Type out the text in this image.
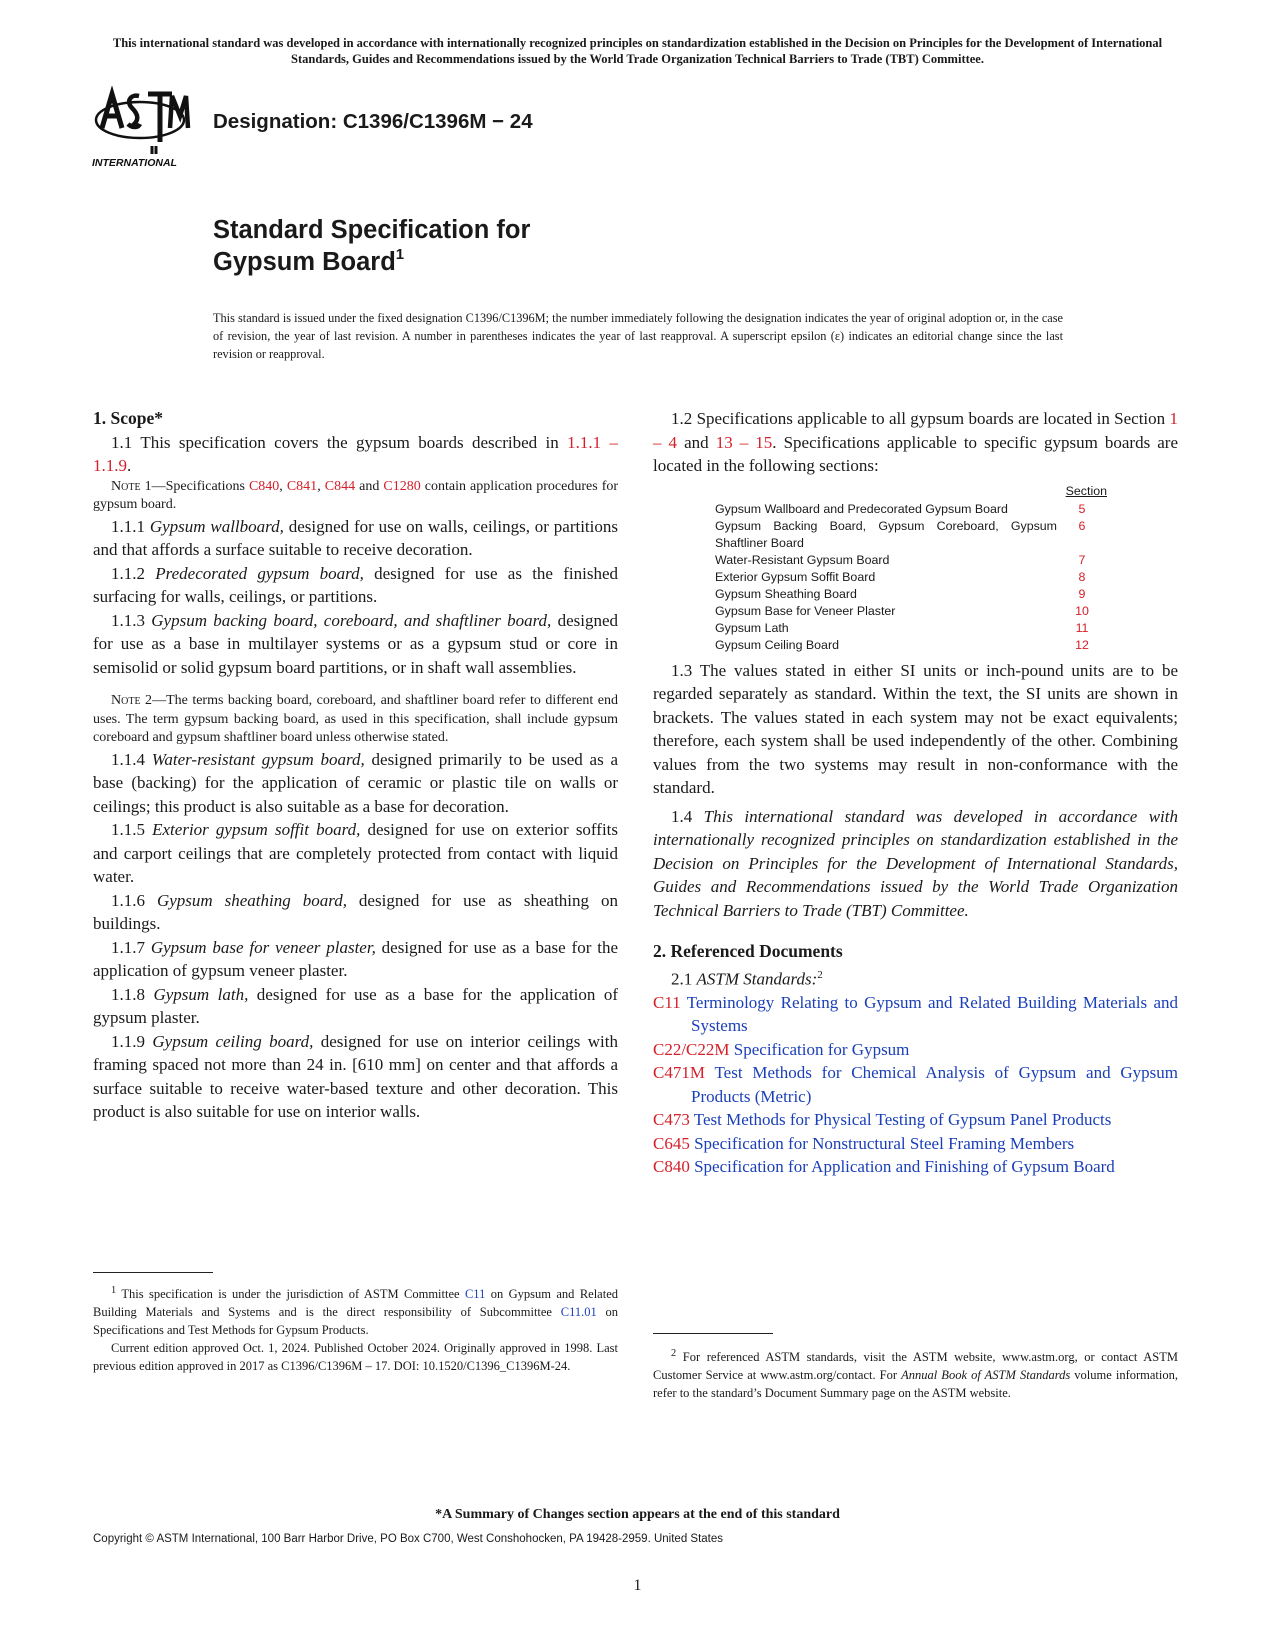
This international standard was developed in accordance with internationally recognized principles on standardization established in the Decision on Principles for the Development of International Standards, Guides and Recommendations issued by the World Trade Organization Technical Barriers to Trade (TBT) Committee.
INTERNATIONAL
Designation: C1396/C1396M − 24
Standard Specification for
Gypsum Board$^1$
This standard is issued under the fixed designation C1396/C1396M; the number immediately following the designation indicates the year of original adoption or, in the case of revision, the year of last revision. A number in parentheses indicates the year of last reapproval. A superscript epsilon (ε) indicates an editorial change since the last revision or reapproval.

1. Scope*

1.1 This specification covers the gypsum boards described in 1.1.1 – 1.1.9.

Note 1—Specifications C840, C841, C844 and C1280 contain application procedures for gypsum board.

1.1.1 Gypsum wallboard, designed for use on walls, ceilings, or partitions and that affords a surface suitable to receive decoration.

1.1.2 Predecorated gypsum board, designed for use as the finished surfacing for walls, ceilings, or partitions.

1.1.3 Gypsum backing board, coreboard, and shaftliner board, designed for use as a base in multilayer systems or as a gypsum stud or core in semisolid or solid gypsum board partitions, or in shaft wall assemblies.

Note 2—The terms backing board, coreboard, and shaftliner board refer to different end uses. The term gypsum backing board, as used in this specification, shall include gypsum coreboard and gypsum shaftliner board unless otherwise stated.

1.1.4 Water-resistant gypsum board, designed primarily to be used as a base (backing) for the application of ceramic or plastic tile on walls or ceilings; this product is also suitable as a base for decoration.

1.1.5 Exterior gypsum soffit board, designed for use on exterior soffits and carport ceilings that are completely protected from contact with liquid water.

1.1.6 Gypsum sheathing board, designed for use as sheathing on buildings.

1.1.7 Gypsum base for veneer plaster, designed for use as a base for the application of gypsum veneer plaster.

1.1.8 Gypsum lath, designed for use as a base for the application of gypsum plaster.

1.1.9 Gypsum ceiling board, designed for use on interior ceilings with framing spaced not more than 24 in. [610 mm] on center and that affords a surface suitable to receive water-based texture and other decoration. This product is also suitable for use on interior walls.

1.2 Specifications applicable to all gypsum boards are located in Section 1 – 4 and 13 – 15. Specifications applicable to specific gypsum boards are located in the following sections:

	Section
Gypsum Wallboard and Predecorated Gypsum Board	5
Gypsum Backing Board, Gypsum Coreboard, Gypsum Shaftliner Board	6
Water-Resistant Gypsum Board	7
Exterior Gypsum Soffit Board	8
Gypsum Sheathing Board	9
Gypsum Base for Veneer Plaster	10
Gypsum Lath	11
Gypsum Ceiling Board	12

1.3 The values stated in either SI units or inch-pound units are to be regarded separately as standard. Within the text, the SI units are shown in brackets. The values stated in each system may not be exact equivalents; therefore, each system shall be used independently of the other. Combining values from the two systems may result in non-conformance with the standard.

1.4 This international standard was developed in accordance with internationally recognized principles on standardization established in the Decision on Principles for the Development of International Standards, Guides and Recommendations issued by the World Trade Organization Technical Barriers to Trade (TBT) Committee.

2. Referenced Documents

2.1 ASTM Standards:$^2$

C11 Terminology Relating to Gypsum and Related Building Materials and Systems

C22/C22M Specification for Gypsum

C471M Test Methods for Chemical Analysis of Gypsum and Gypsum Products (Metric)

C473 Test Methods for Physical Testing of Gypsum Panel Products

C645 Specification for Nonstructural Steel Framing Members

C840 Specification for Application and Finishing of Gypsum Board

$^1$ This specification is under the jurisdiction of ASTM Committee C11 on Gypsum and Related Building Materials and Systems and is the direct responsibility of Subcommittee C11.01 on Specifications and Test Methods for Gypsum Products.
Current edition approved Oct. 1, 2024. Published October 2024. Originally approved in 1998. Last previous edition approved in 2017 as C1396/C1396M – 17. DOI: 10.1520/C1396_C1396M-24.
$^2$ For referenced ASTM standards, visit the ASTM website, www.astm.org, or contact ASTM Customer Service at www.astm.org/contact. For Annual Book of ASTM Standards volume information, refer to the standard’s Document Summary page on the ASTM website.
*A Summary of Changes section appears at the end of this standard
Copyright © ASTM International, 100 Barr Harbor Drive, PO Box C700, West Conshohocken, PA 19428-2959. United States
1
